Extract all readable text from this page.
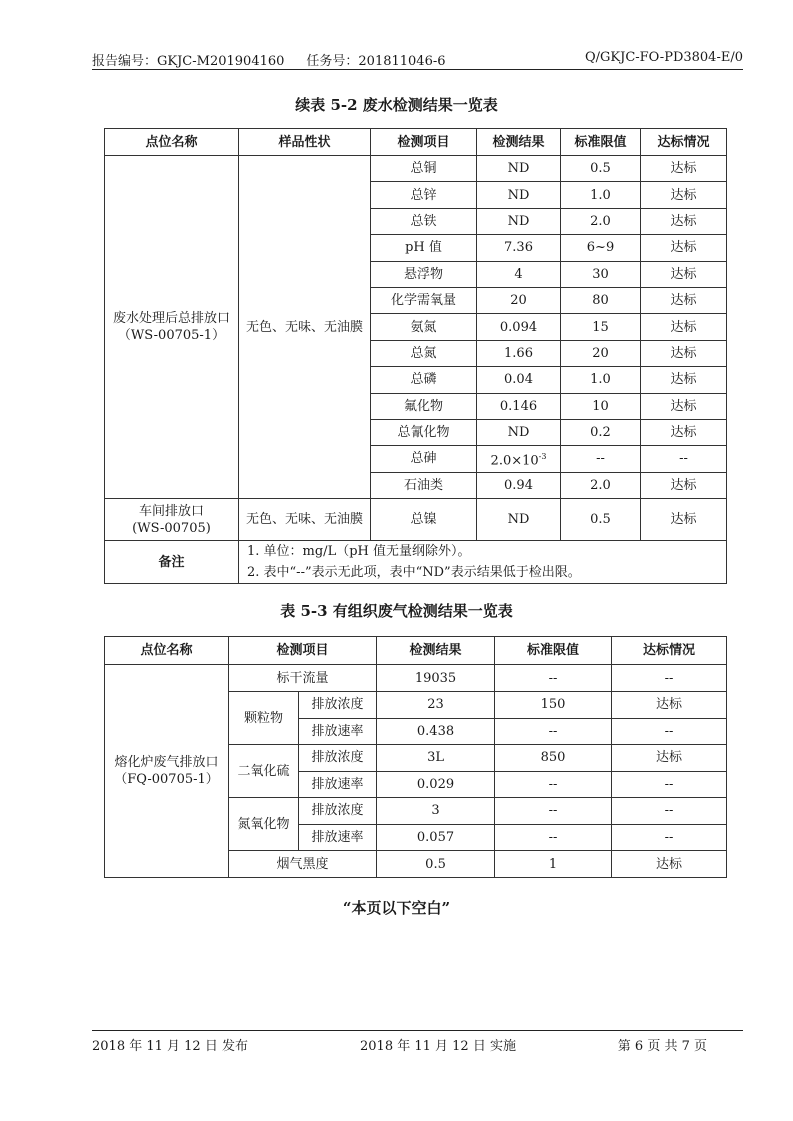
报告编号：GKJC-M201904160 任务号：201811046-6	Q/GKJC-FO-PD3804-E/0
续表 5-2 废水检测结果一览表
点位名称	样品性状	检测项目	检测结果	标准限值	达标情况

废水处理后总排放口
（WS-00705-1）	无色、无味、无油膜	总铜	ND	0.5	达标
		总锌	ND	1.0	达标
		总铁	ND	2.0	达标
		pH 值	7.36	6~9	达标
		悬浮物	4	30	达标
		化学需氧量	20	80	达标
		氨氮	0.094	15	达标
		总氮	1.66	20	达标
		总磷	0.04	1.0	达标
		氟化物	0.146	10	达标
		总氰化物	ND	0.2	达标
		总砷	$2.0\times 10^{-3}$	--	--
		石油类	0.94	2.0	达标

车间排放口
(WS-00705)	无色、无味、无油膜	总镍	ND	0.5	达标
备注	1. 单位：mg/L（pH 值无量纲除外）。
2. 表中“--”表示无此项，表中“ND”表示结果低于检出限。				
表 5-3 有组织废气检测结果一览表
点位名称	检测项目		检测结果	标准限值	达标情况

熔化炉废气排放口
（FQ-00705-1）	标干流量		19035	--	--
	颗粒物	排放浓度	23	150	达标
		排放速率	0.438	--	--
	二氧化硫	排放浓度	3L	850	达标
		排放速率	0.029	--	--
	氮氧化物	排放浓度	3	--	--
		排放速率	0.057	--	--
	烟气黑度		0.5	1	达标
“本页以下空白”
2018 年 11 月 12 日 发布	2018 年 11 月 12 日 实施	第 6 页 共 7 页
